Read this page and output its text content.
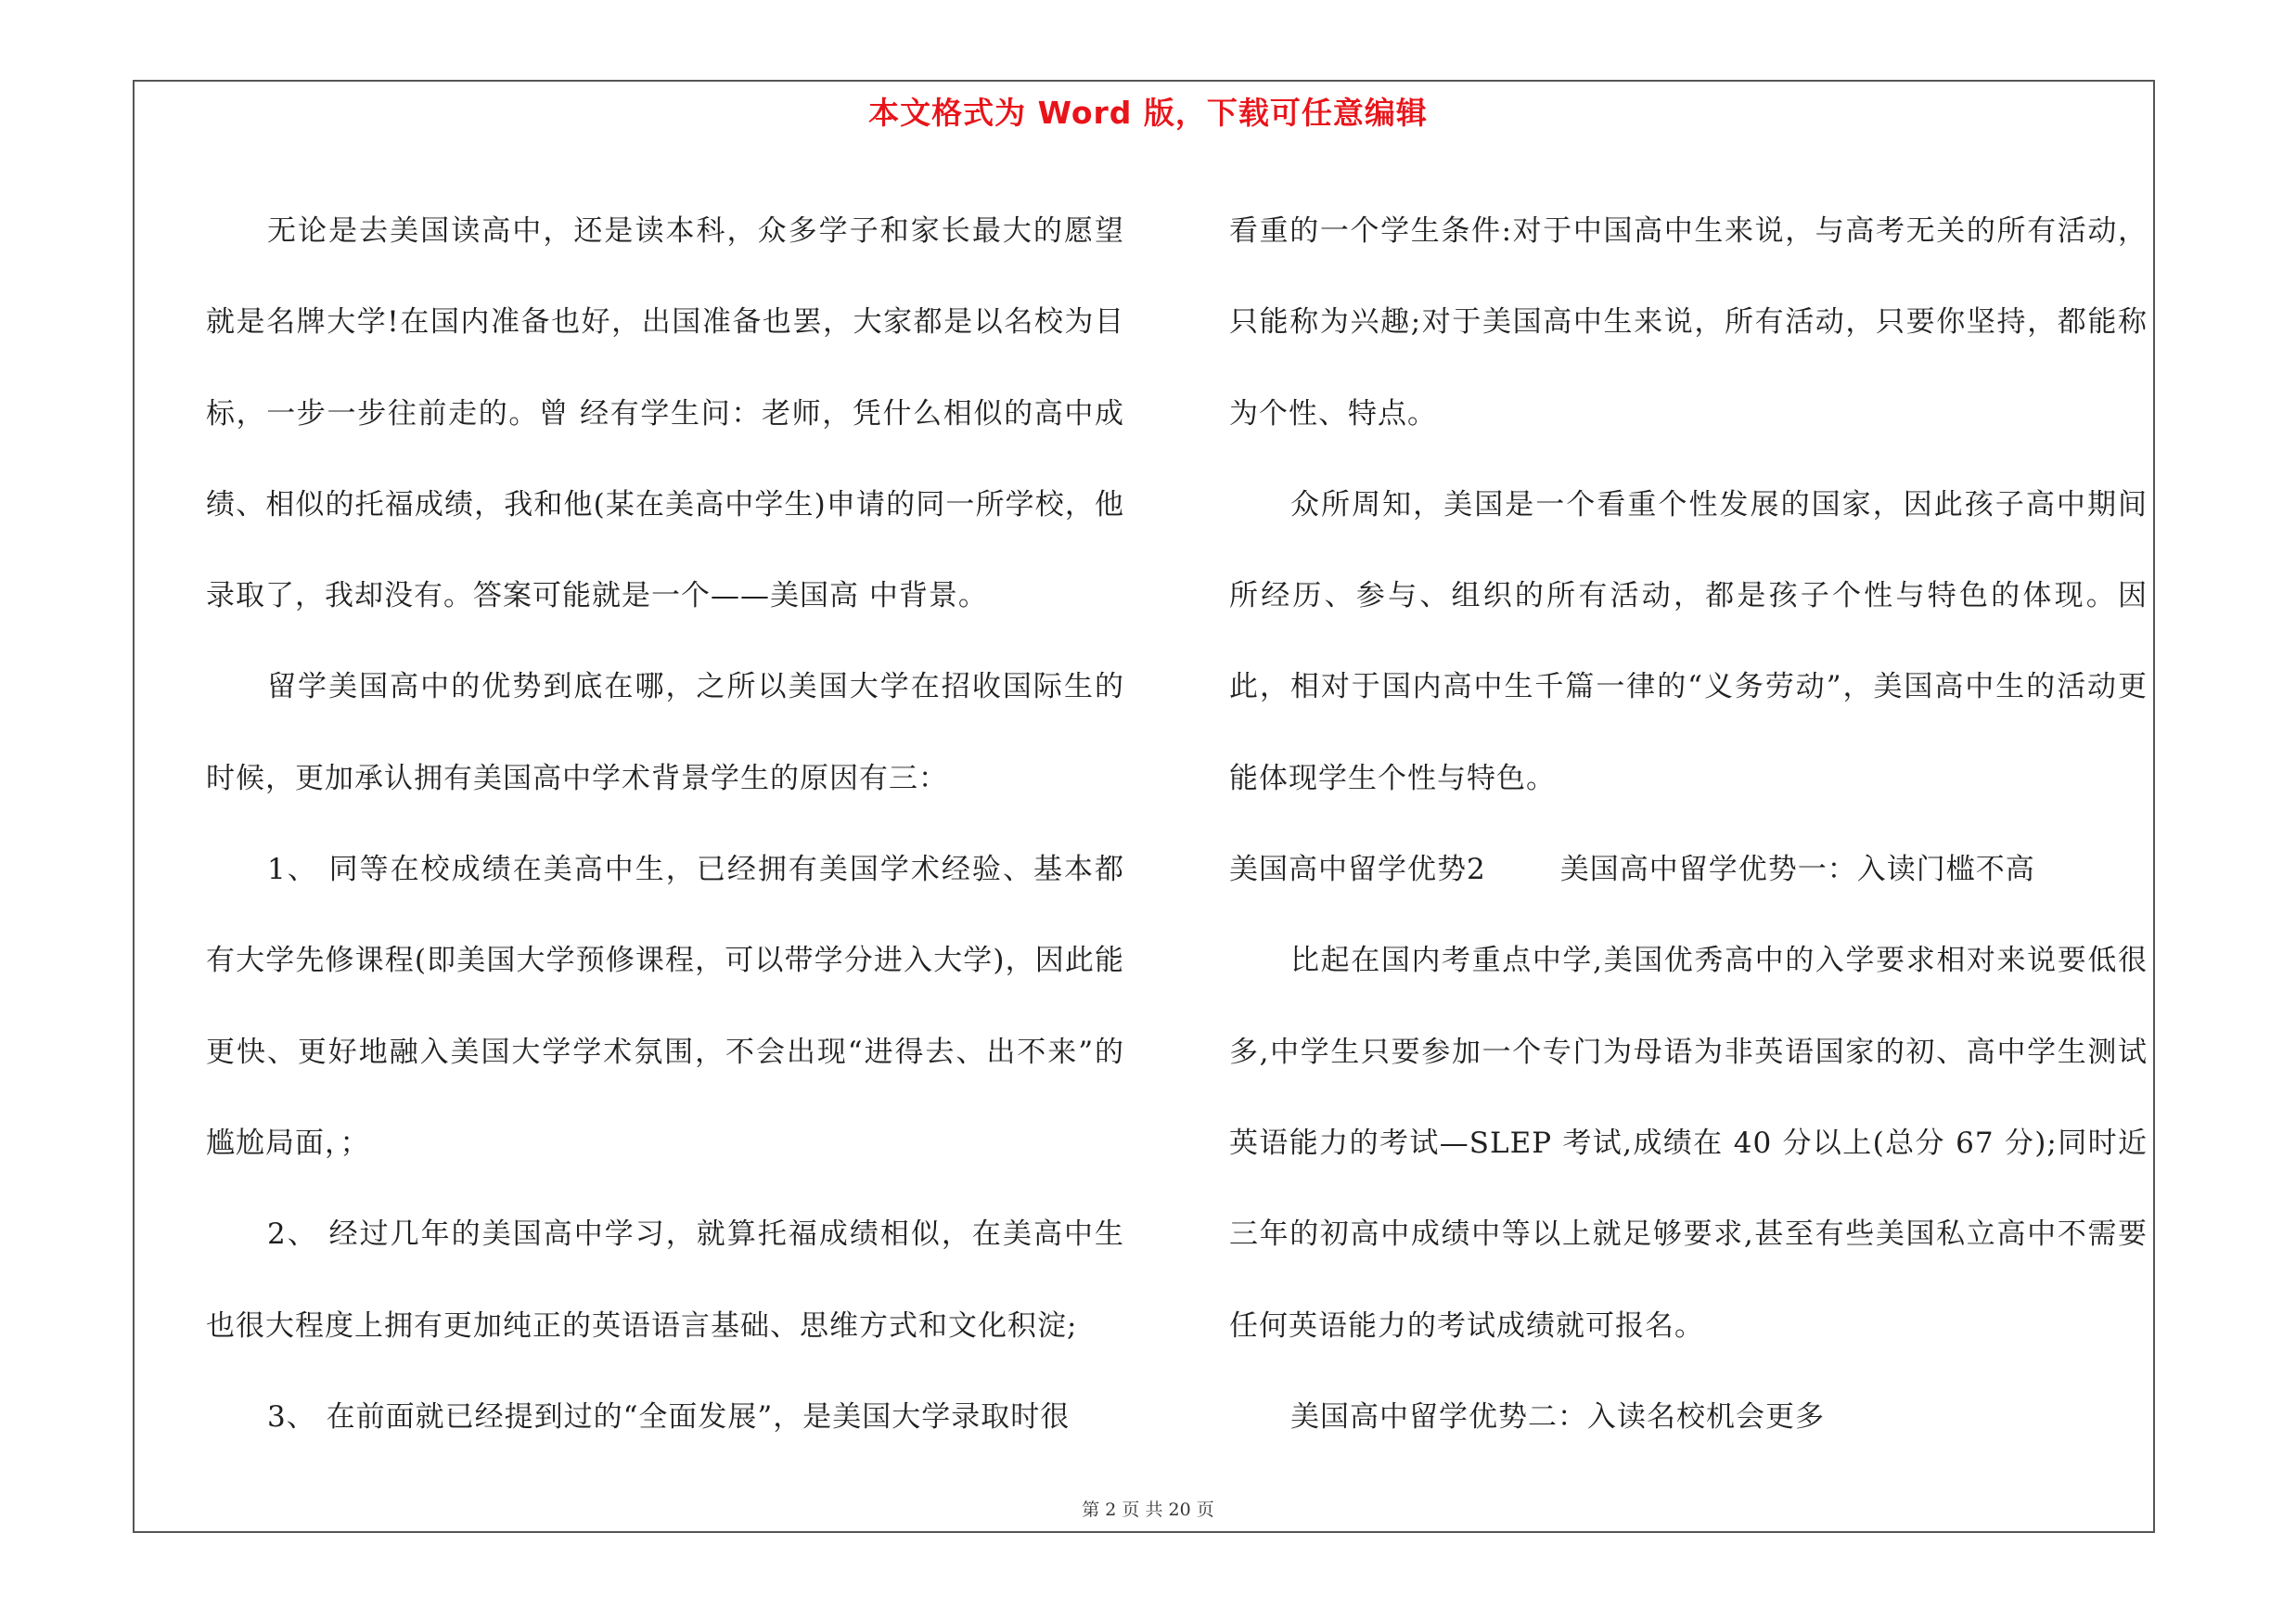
本文格式为 Word 版，下载可任意编辑

无论是去美国读高中，还是读本科，众多学子和家长最大的愿望就是名牌大学!在国内准备也好，出国准备也罢，大家都是以名校为目标，一步一步往前走的。曾 经有学生问：老师，凭什么相似的高中成绩、相似的托福成绩，我和他(某在美高中学生)申请的同一所学校，他录取了，我却没有。答案可能就是一个——美国高 中背景。

留学美国高中的优势到底在哪，之所以美国大学在招收国际生的时候，更加承认拥有美国高中学术背景学生的原因有三：

1、 同等在校成绩在美高中生，已经拥有美国学术经验、基本都有大学先修课程(即美国大学预修课程，可以带学分进入大学)，因此能更快、更好地融入美国大学学术氛围，不会出现“进得去、出不来”的尴尬局面，；

2、 经过几年的美国高中学习，就算托福成绩相似，在美高中生也很大程度上拥有更加纯正的英语语言基础、思维方式和文化积淀;

3、 在前面就已经提到过的“全面发展”，是美国大学录取时很

看重的一个学生条件:对于中国高中生来说，与高考无关的所有活动，只能称为兴趣;对于美国高中生来说，所有活动，只要你坚持，都能称为个性、特点。

众所周知，美国是一个看重个性发展的国家，因此孩子高中期间所经历、参与、组织的所有活动，都是孩子个性与特色的体现。因此，相对于国内高中生千篇一律的“义务劳动”，美国高中生的活动更能体现学生个性与特色。

美国高中留学优势2	美国高中留学优势一：入读门槛不高

比起在国内考重点中学,美国优秀高中的入学要求相对来说要低很多,中学生只要参加一个专门为母语为非英语国家的初、高中学生测试英语能力的考试—SLEP 考试,成绩在 40 分以上(总分 67 分);同时近三年的初高中成绩中等以上就足够要求,甚至有些美国私立高中不需要任何英语能力的考试成绩就可报名。

美国高中留学优势二：入读名校机会更多

第 2 页 共 20 页
